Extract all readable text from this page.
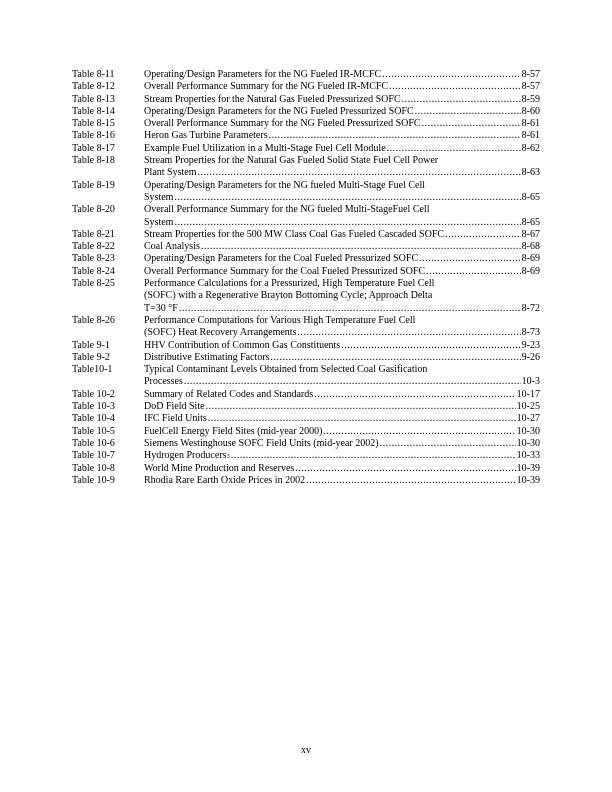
Table 8-11	Operating/Design Parameters for the NG Fueled IR-MCFC . . .	8-57
Table 8-12	Overall Performance Summary for the NG Fueled IR-MCFC . . .	8-57
Table 8-13	Stream Properties for the Natural Gas Fueled Pressurized SOFC . . .	8-59
Table 8-14	Operating/Design Parameters for the NG Fueled Pressurized SOFC . . .	8-60
Table 8-15	Overall Performance Summary for the NG Fueled Pressurized SOFC . . .	8-61
Table 8-16	Heron Gas Turbine Parameters . . .	8-61
Table 8-17	Example Fuel Utilization in a Multi-Stage Fuel Cell Module . . .	8-62
Table 8-18	Stream Properties for the Natural Gas Fueled Solid State Fuel Cell Power
Plant System . . .	8-63
Table 8-19	Operating/Design Parameters for the NG fueled Multi-Stage Fuel Cell
System . . .	8-65
Table 8-20	Overall Performance Summary for the NG fueled Multi-StageFuel Cell
System . . .	8-65
Table 8-21	Stream Properties for the 500 MW Class Coal Gas Fueled Cascaded SOFC . . .	8-67
Table 8-22	Coal Analysis . . .	8-68
Table 8-23	Operating/Design Parameters for the Coal Fueled Pressurized SOFC . . .	8-69
Table 8-24	Overall Performance Summary for the Coal Fueled Pressurized SOFC . . .	8-69
Table 8-25	Performance Calculations for a Pressurized, High Temperature Fuel Cell
(SOFC) with a Regenerative Brayton Bottoming Cycle; Approach Delta
T=30 °F . . .	8-72
Table 8-26	Performance Computations for Various High Temperature Fuel Cell
(SOFC) Heat Recovery Arrangements . . .	8-73
Table 9-1	HHV Contribution of Common Gas Constituents . . .	9-23
Table 9-2	Distributive Estimating Factors . . .	9-26
Table10-1	Typical Contaminant Levels Obtained from Selected Coal Gasification
Processes . . .	10-3
Table 10-2	Summary of Related Codes and Standards . . .	10-17
Table 10-3	DoD Field Site . . .	10-25
Table 10-4	IFC Field Units . . .	10-27
Table 10-5	FuelCell Energy Field Sites (mid-year 2000) . . .	10-30
Table 10-6	Siemens Westinghouse SOFC Field Units (mid-year 2002) . . .	10-30
Table 10-7	Hydrogen Producers 3 . . .	10-33
Table 10-8	World Mine Production and Reserves . . .	10-39
Table 10-9	Rhodia Rare Earth Oxide Prices in 2002 . . .	10-39
xv
